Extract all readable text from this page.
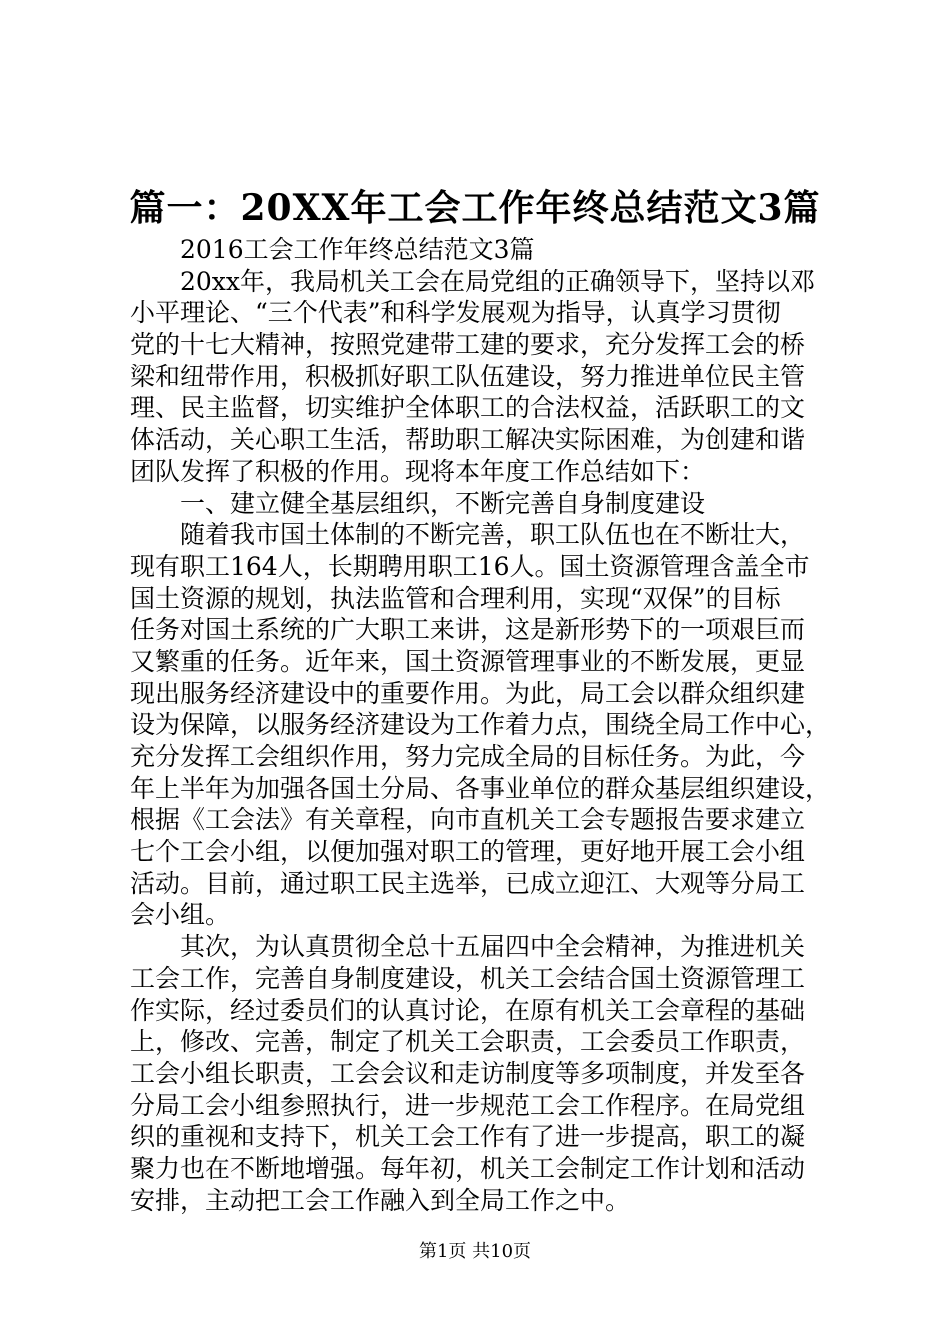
篇一：20XX年工会工作年终总结范文3篇
　　2016工会工作年终总结范文3篇
　　20xx年，我局机关工会在局党组的正确领导下，坚持以邓
小平理论、“三个代表”和科学发展观为指导，认真学习贯彻
党的十七大精神，按照党建带工建的要求，充分发挥工会的桥
梁和纽带作用，积极抓好职工队伍建设，努力推进单位民主管
理、民主监督，切实维护全体职工的合法权益，活跃职工的文
体活动，关心职工生活，帮助职工解决实际困难，为创建和谐
团队发挥了积极的作用。现将本年度工作总结如下：
　　一、建立健全基层组织，不断完善自身制度建设
　　随着我市国土体制的不断完善，职工队伍也在不断壮大，
现有职工164人，长期聘用职工16人。国土资源管理含盖全市
国土资源的规划，执法监管和合理利用，实现“双保”的目标
任务对国土系统的广大职工来讲，这是新形势下的一项艰巨而
又繁重的任务。近年来，国土资源管理事业的不断发展，更显
现出服务经济建设中的重要作用。为此，局工会以群众组织建
设为保障，以服务经济建设为工作着力点，围绕全局工作中心，
充分发挥工会组织作用，努力完成全局的目标任务。为此，今
年上半年为加强各国土分局、各事业单位的群众基层组织建设，
根据《工会法》有关章程，向市直机关工会专题报告要求建立
七个工会小组，以便加强对职工的管理，更好地开展工会小组
活动。目前，通过职工民主选举，已成立迎江、大观等分局工
会小组。
　　其次，为认真贯彻全总十五届四中全会精神，为推进机关
工会工作，完善自身制度建设，机关工会结合国土资源管理工
作实际，经过委员们的认真讨论，在原有机关工会章程的基础
上，修改、完善，制定了机关工会职责，工会委员工作职责，
工会小组长职责，工会会议和走访制度等多项制度，并发至各
分局工会小组参照执行，进一步规范工会工作程序。在局党组
织的重视和支持下，机关工会工作有了进一步提高，职工的凝
聚力也在不断地增强。每年初，机关工会制定工作计划和活动
安排，主动把工会工作融入到全局工作之中。
第1页 共10页
